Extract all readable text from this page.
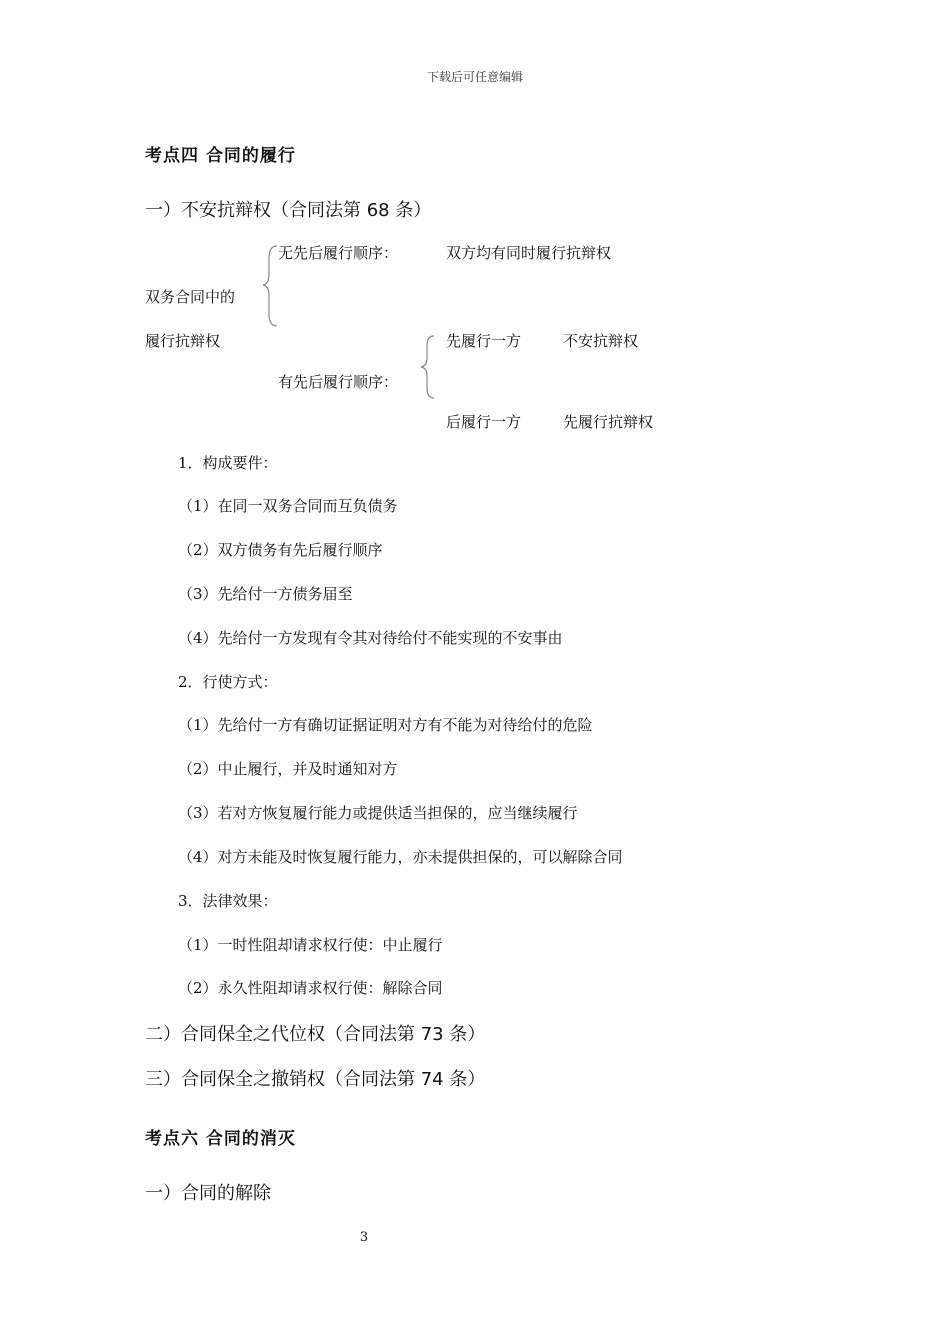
下载后可任意编辑
考点四 合同的履行
一）不安抗辩权（合同法第 68 条）
无先后履行顺序：	双方均有同时履行抗辩权
双务合同中的
履行抗辩权	先履行一方	不安抗辩权
有先后履行顺序：
后履行一方	先履行抗辩权
1．构成要件：
（1）在同一双务合同而互负债务
（2）双方债务有先后履行顺序
（3）先给付一方债务届至
（4）先给付一方发现有令其对待给付不能实现的不安事由
2．行使方式：
（1）先给付一方有确切证据证明对方有不能为对待给付的危险
（2）中止履行，并及时通知对方
（3）若对方恢复履行能力或提供适当担保的，应当继续履行
（4）对方未能及时恢复履行能力，亦未提供担保的，可以解除合同
3．法律效果：
（1）一时性阻却请求权行使：中止履行
（2）永久性阻却请求权行使：解除合同
二）合同保全之代位权（合同法第 73 条）
三）合同保全之撤销权（合同法第 74 条）
考点六 合同的消灭
一）合同的解除
3
